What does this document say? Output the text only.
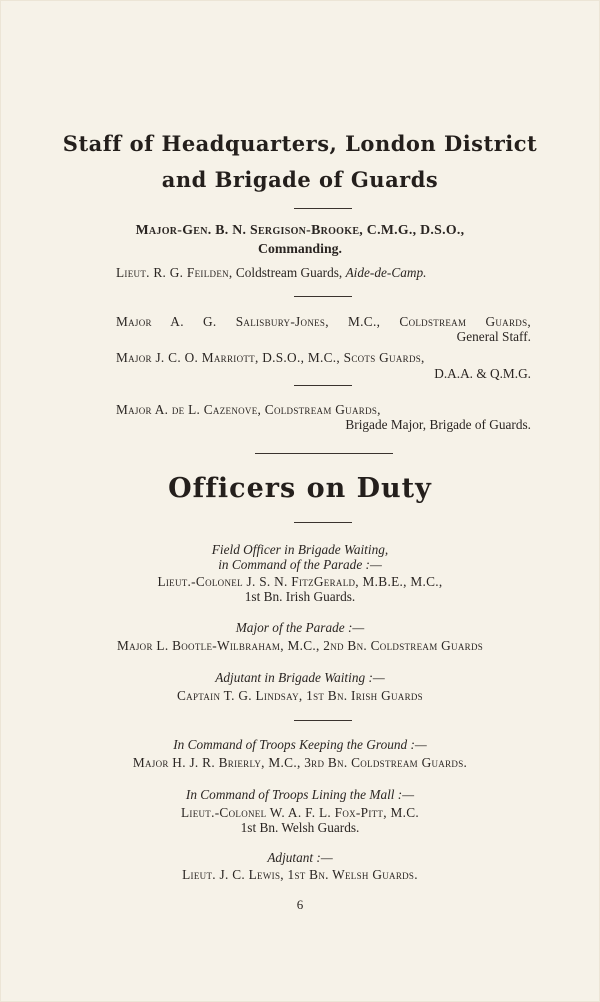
Staff of Headquarters, London District
and Brigade of Guards
Major-Gen. B. N. Sergison-Brooke, C.M.G., D.S.O.,
Commanding.
Lieut. R. G. Feilden, Coldstream Guards, Aide-de-Camp.
Major A. G. Salisbury-Jones, M.C., Coldstream Guards,
General Staff.
Major J. C. O. Marriott, D.S.O., M.C., Scots Guards,
D.A.A. & Q.M.G.
Major A. de L. Cazenove, Coldstream Guards,
Brigade Major, Brigade of Guards.
Officers on Duty
Field Officer in Brigade Waiting,
in Command of the Parade :—
Lieut.-Colonel J. S. N. FitzGerald, M.B.E., M.C.,
1st Bn. Irish Guards.
Major of the Parade :—
Major L. Bootle-Wilbraham, M.C., 2nd Bn. Coldstream Guards
Adjutant in Brigade Waiting :—
Captain T. G. Lindsay, 1st Bn. Irish Guards
In Command of Troops Keeping the Ground :—
Major H. J. R. Brierly, M.C., 3rd Bn. Coldstream Guards.
In Command of Troops Lining the Mall :—
Lieut.-Colonel W. A. F. L. Fox-Pitt, M.C.
1st Bn. Welsh Guards.
Adjutant :—
Lieut. J. C. Lewis, 1st Bn. Welsh Guards.
6
